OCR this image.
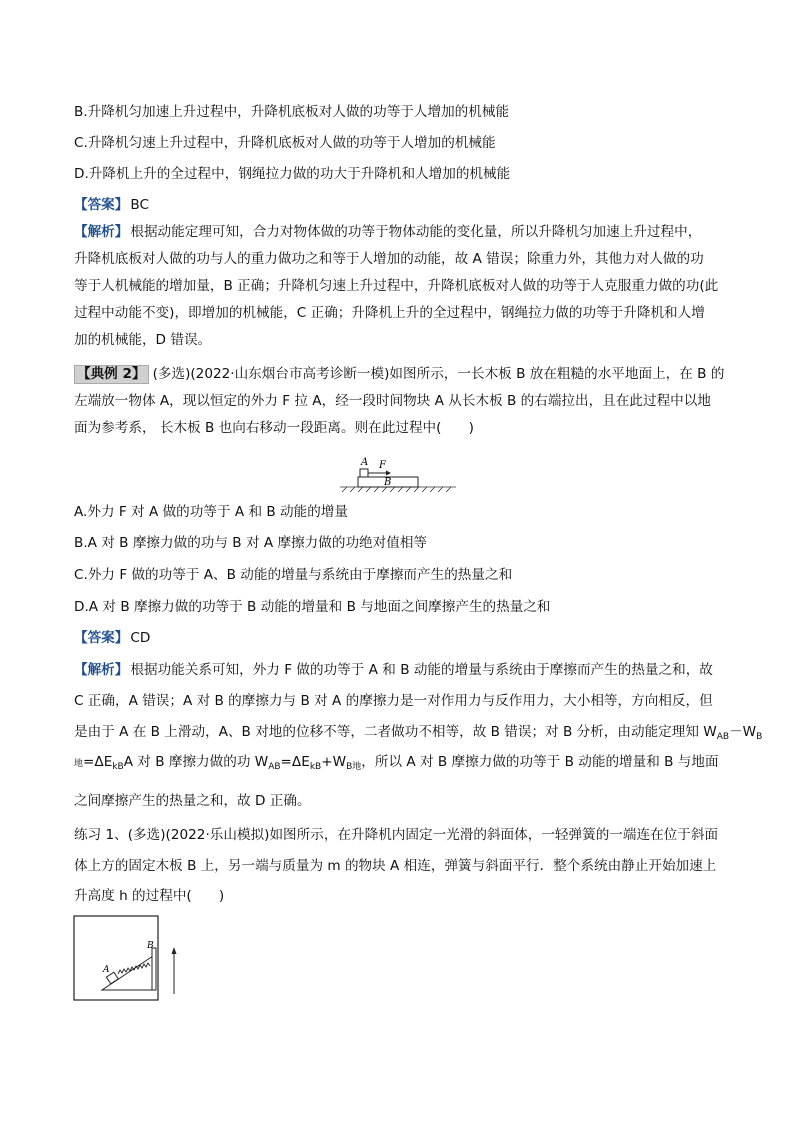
B.升降机匀加速上升过程中，升降机底板对人做的功等于人增加的机械能
C.升降机匀速上升过程中，升降机底板对人做的功等于人增加的机械能
D.升降机上升的全过程中，钢绳拉力做的功大于升降机和人增加的机械能
【答案】 BC
【解析】 根据动能定理可知，合力对物体做的功等于物体动能的变化量，所以升降机匀加速上升过程中，
升降机底板对人做的功与人的重力做功之和等于人增加的动能，故 A 错误；除重力外，其他力对人做的功
等于人机械能的增加量，B 正确；升降机匀速上升过程中，升降机底板对人做的功等于人克服重力做的功(此
过程中动能不变)，即增加的机械能，C 正确；升降机上升的全过程中，钢绳拉力做的功等于升降机和人增
加的机械能，D 错误。
【典例 2】 (多选)(2022·山东烟台市高考诊断一模)如图所示，一长木板 B 放在粗糙的水平地面上，在 B 的
左端放一物体 A，现以恒定的外力 F 拉 A，经一段时间物块 A 从长木板 B 的右端拉出，且在此过程中以地
面为参考系， 长木板 B 也向右移动一段距离。则在此过程中(　　)
A F
B
A.外力 F 对 A 做的功等于 A 和 B 动能的增量
B.A 对 B 摩擦力做的功与 B 对 A 摩擦力做的功绝对值相等
C.外力 F 做的功等于 A、B 动能的增量与系统由于摩擦而产生的热量之和
D.A 对 B 摩擦力做的功等于 B 动能的增量和 B 与地面之间摩擦产生的热量之和
【答案】 CD
【解析】 根据功能关系可知，外力 F 做的功等于 A 和 B 动能的增量与系统由于摩擦而产生的热量之和，故
C 正确，A 错误；A 对 B 的摩擦力与 B 对 A 的摩擦力是一对作用力与反作用力，大小相等，方向相反，但
是由于 A 在 B 上滑动，A、B 对地的位移不等，二者做功不相等，故 B 错误；对 B 分析，由动能定理知 $W_{AB}-W_B$
地$=\Delta E_{kB}A$ 对 B 摩擦力做的功 $W_{AB}=\Delta E_{kB}+W_{B地}$，所以 A 对 B 摩擦力做的功等于 B 动能的增量和 B 与地面
之间摩擦产生的热量之和，故 D 正确。
练习 1、(多选)(2022·乐山模拟)如图所示，在升降机内固定一光滑的斜面体，一轻弹簧的一端连在位于斜面
体上方的固定木板 B 上，另一端与质量为 m 的物块 A 相连，弹簧与斜面平行．整个系统由静止开始加速上
升高度 h 的过程中(　　)
A
B
